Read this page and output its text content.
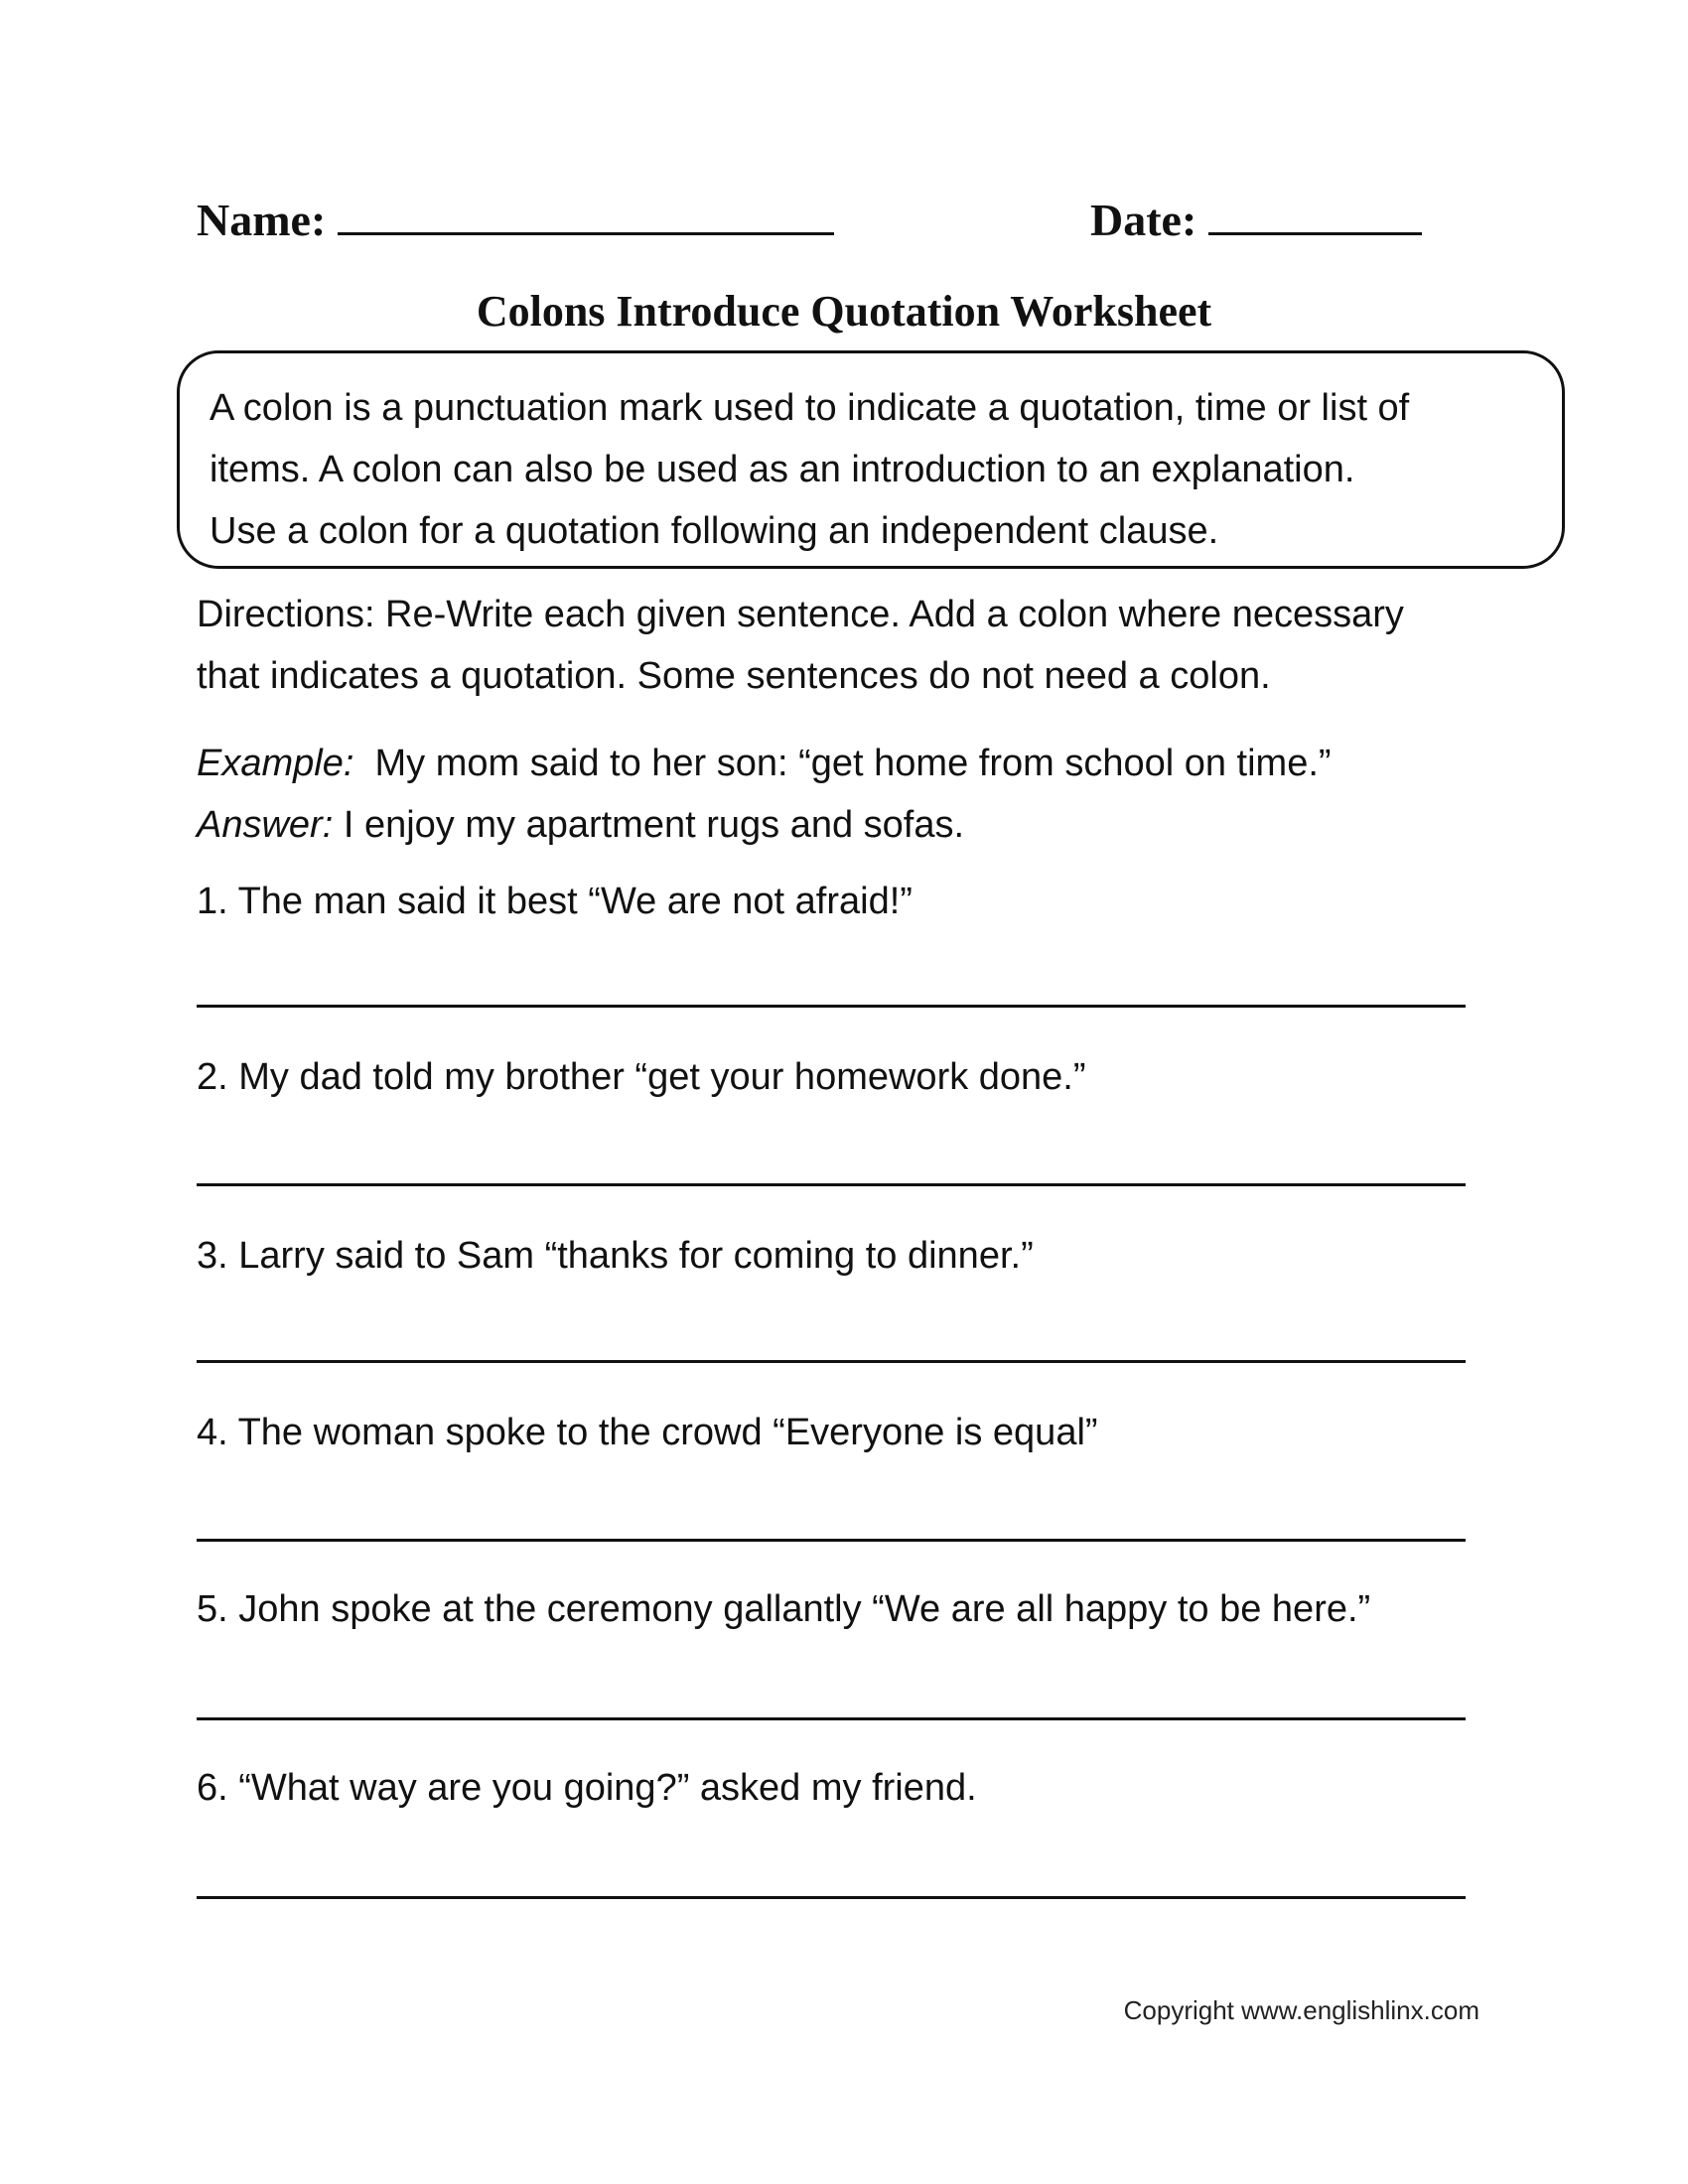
Name:	Date:
Colons Introduce Quotation Worksheet

A colon is a punctuation mark used to indicate a quotation, time or list of

items. A colon can also be used as an introduction to an explanation.

Use a colon for a quotation following an independent clause.

Directions: Re-Write each given sentence. Add a colon where necessary

that indicates a quotation. Some sentences do not need a colon.

Example: My mom said to her son: “get home from school on time.”

Answer: I enjoy my apartment rugs and sofas.

1. The man said it best “We are not afraid!”
2. My dad told my brother “get your homework done.”
3. Larry said to Sam “thanks for coming to dinner.”
4. The woman spoke to the crowd “Everyone is equal”
5. John spoke at the ceremony gallantly “We are all happy to be here.”
6. “What way are you going?” asked my friend.
Copyright www.englishlinx.com
